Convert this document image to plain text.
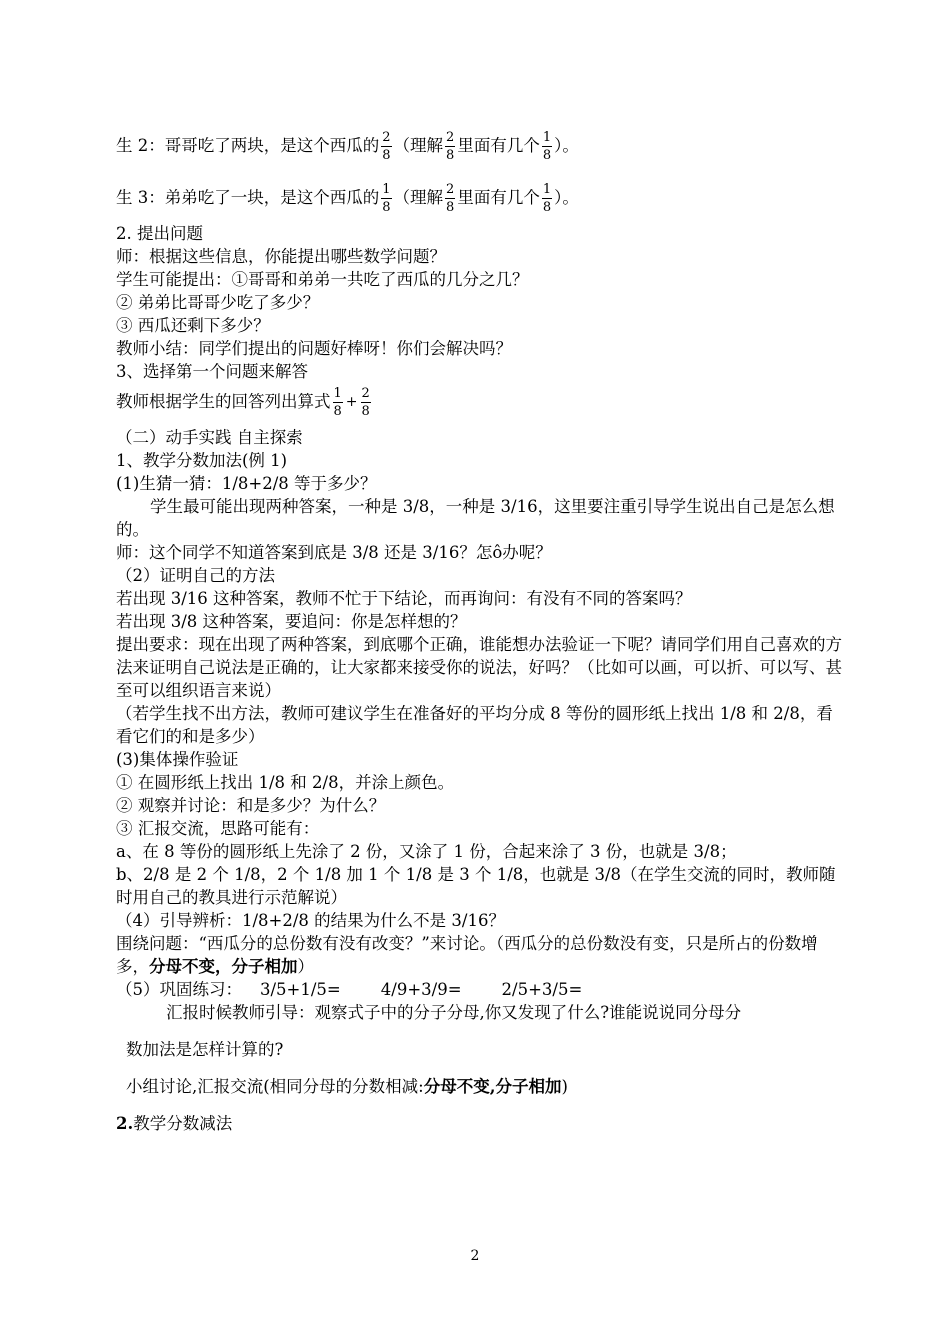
生 2：哥哥吃了两块，是这个西瓜的 $\frac{2}{8}$ （理解 $\frac{2}{8}$ 里面有几个 $\frac{1}{8}$ ）。
生 3：弟弟吃了一块，是这个西瓜的 $\frac{1}{8}$ （理解 $\frac{2}{8}$ 里面有几个 $\frac{1}{8}$ ）。
2. 提出问题
师：根据这些信息，你能提出哪些数学问题？
学生可能提出：①哥哥和弟弟一共吃了西瓜的几分之几？
② 弟弟比哥哥少吃了多少？
③ 西瓜还剩下多少？
教师小结：同学们提出的问题好棒呀！你们会解决吗？
3、选择第一个问题来解答
教师根据学生的回答列出算式 $\frac{1}{8} + \frac{2}{8}$
（二）动手实践 自主探索
1、教学分数加法(例 1)
(1)生猜一猜：1/8+2/8 等于多少？
学生最可能出现两种答案，一种是 3/8，一种是 3/16，这里要注重引导学生说出自己是怎么想的。
师：这个同学不知道答案到底是 3/8 还是 3/16？怎ô办呢？
（2）证明自己的方法
若出现 3/16 这种答案，教师不忙于下结论，而再询问：有没有不同的答案吗？
若出现 3/8 这种答案，要追问：你是怎样想的？
提出要求：现在出现了两种答案，到底哪个正确，谁能想办法验证一下呢？请同学们用自己喜欢的方法来证明自己说法是正确的，让大家都来接受你的说法，好吗？（比如可以画，可以折、可以写、甚至可以组织语言来说）
（若学生找不出方法，教师可建议学生在准备好的平均分成 8 等份的圆形纸上找出 1/8 和 2/8，看看它们的和是多少）
(3)集体操作验证
① 在圆形纸上找出 1/8 和 2/8，并涂上颜色。
② 观察并讨论：和是多少？为什么？
③ 汇报交流，思路可能有：
a、在 8 等份的圆形纸上先涂了 2 份，又涂了 1 份，合起来涂了 3 份，也就是 3/8；
b、2/8 是 2 个 1/8，2 个 1/8 加 1 个 1/8 是 3 个 1/8，也就是 3/8（在学生交流的同时，教师随时用自己的教具进行示范解说）
（4）引导辨析：1/8+2/8 的结果为什么不是 3/16？
围绕问题：“西瓜分的总份数有没有改变？”来讨论。（西瓜分的总份数没有变，只是所占的份数增多，分母不变，分子相加）
（5）巩固练习： 3/5+1/5= 4/9+3/9= 2/5+3/5=
汇报时候教师引导：观察式子中的分子分母,你又发现了什么?谁能说说同分母分
数加法是怎样计算的?
小组讨论,汇报交流(相同分母的分数相减:分母不变,分子相加)
2.教学分数减法
2
